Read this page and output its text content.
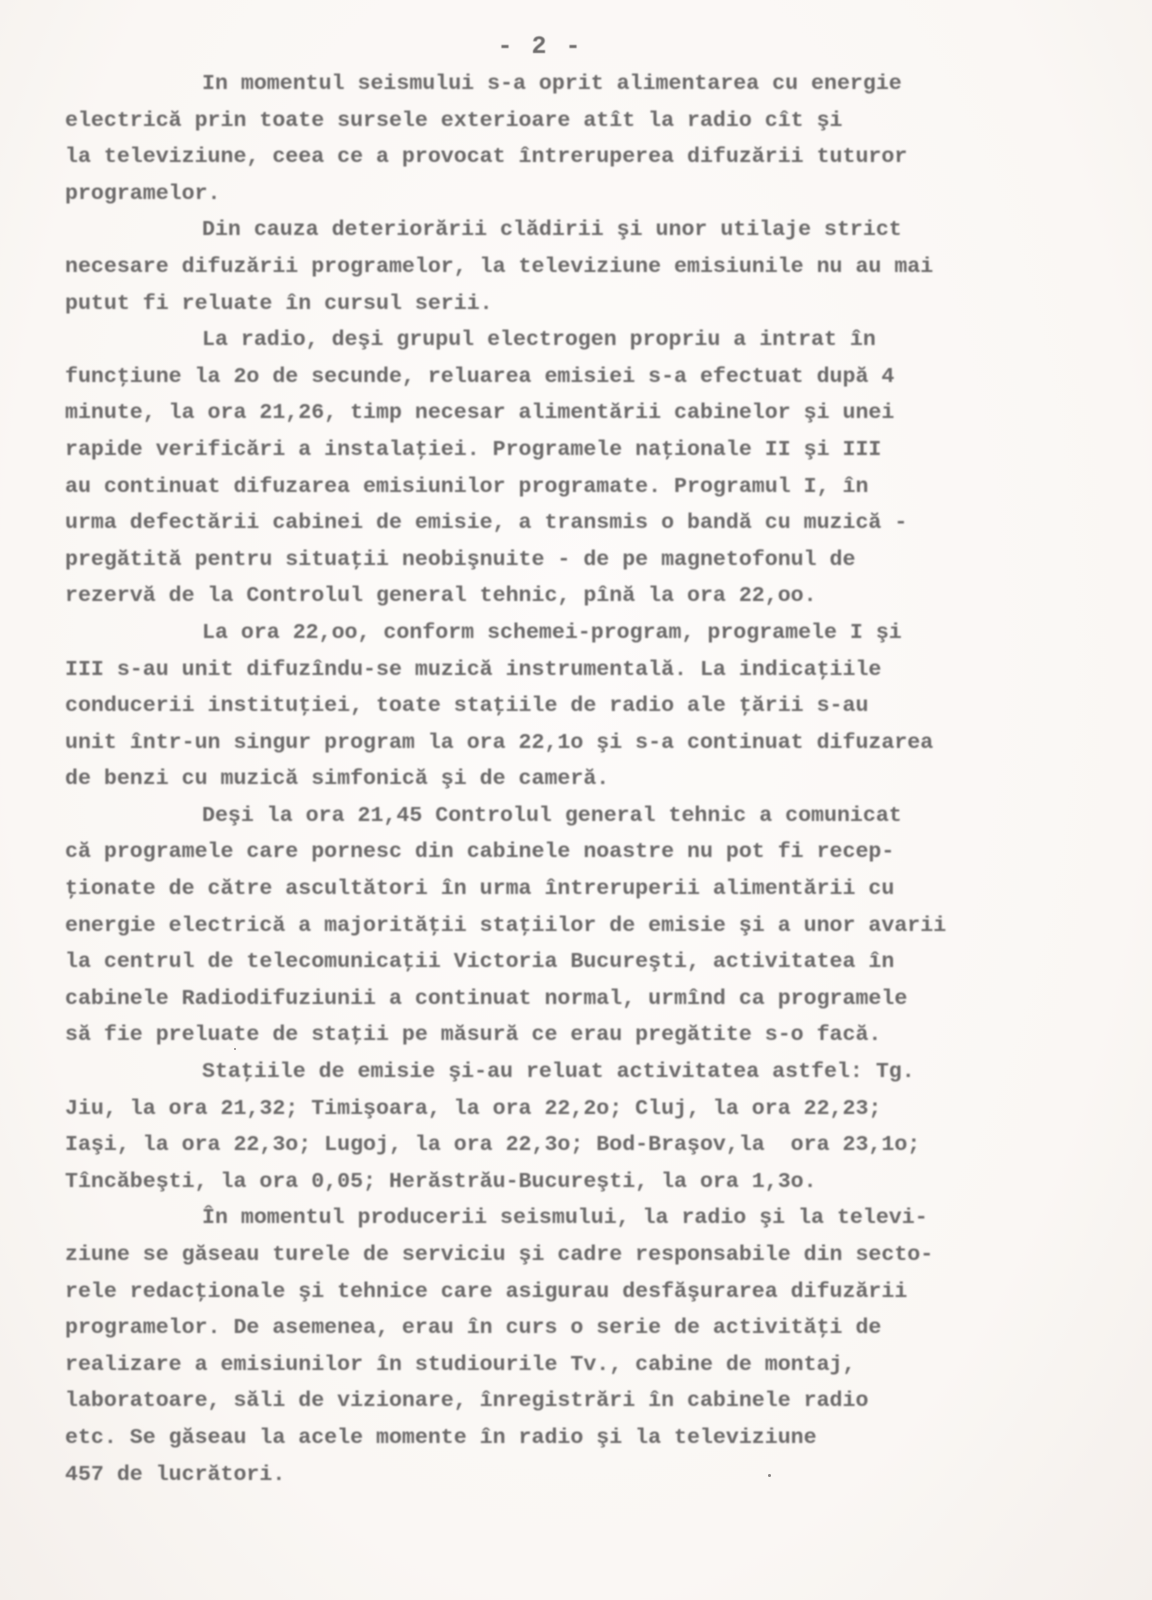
- 2 -
In momentul seismului s-a oprit alimentarea cu energie
electrică prin toate sursele exterioare atît la radio cît şi
la televiziune, ceea ce a provocat întreruperea difuzării tuturor
programelor.
Din cauza deteriorării clădirii şi unor utilaje strict
necesare difuzării programelor, la televiziune emisiunile nu au mai
putut fi reluate în cursul serii.
La radio, deşi grupul electrogen propriu a intrat în
funcţiune la 2o de secunde, reluarea emisiei s-a efectuat după 4
minute, la ora 21,26, timp necesar alimentării cabinelor şi unei
rapide verificări a instalaţiei. Programele naţionale II şi III
au continuat difuzarea emisiunilor programate. Programul I, în
urma defectării cabinei de emisie, a transmis o bandă cu muzică -
pregătită pentru situaţii neobişnuite - de pe magnetofonul de
rezervă de la Controlul general tehnic, pînă la ora 22,oo.
La ora 22,oo, conform schemei-program, programele I şi
III s-au unit difuzîndu-se muzică instrumentală. La indicaţiile
conducerii instituţiei, toate staţiile de radio ale ţării s-au
unit într-un singur program la ora 22,1o şi s-a continuat difuzarea
de benzi cu muzică simfonică şi de cameră.
Deşi la ora 21,45 Controlul general tehnic a comunicat
că programele care pornesc din cabinele noastre nu pot fi recep-
ţionate de către ascultători în urma întreruperii alimentării cu
energie electrică a majorităţii staţiilor de emisie şi a unor avarii
la centrul de telecomunicaţii Victoria Bucureşti, activitatea în
cabinele Radiodifuziunii a continuat normal, urmînd ca programele
să fie preluate de staţii pe măsură ce erau pregătite s-o facă.
Staţiile de emisie şi-au reluat activitatea astfel: Tg.
Jiu, la ora 21,32; Timişoara, la ora 22,2o; Cluj, la ora 22,23;
Iaşi, la ora 22,3o; Lugoj, la ora 22,3o; Bod-Braşov,la  ora 23,1o;
Tîncăbeşti, la ora 0,05; Herăstrău-Bucureşti, la ora 1,3o.
În momentul producerii seismului, la radio şi la televi-
ziune se găseau turele de serviciu şi cadre responsabile din secto-
rele redacţionale şi tehnice care asigurau desfăşurarea difuzării
programelor. De asemenea, erau în curs o serie de activităţi de
realizare a emisiunilor în studiourile Tv., cabine de montaj,
laboratoare, săli de vizionare, înregistrări în cabinele radio
etc. Se găseau la acele momente în radio şi la televiziune
457 de lucrători.
